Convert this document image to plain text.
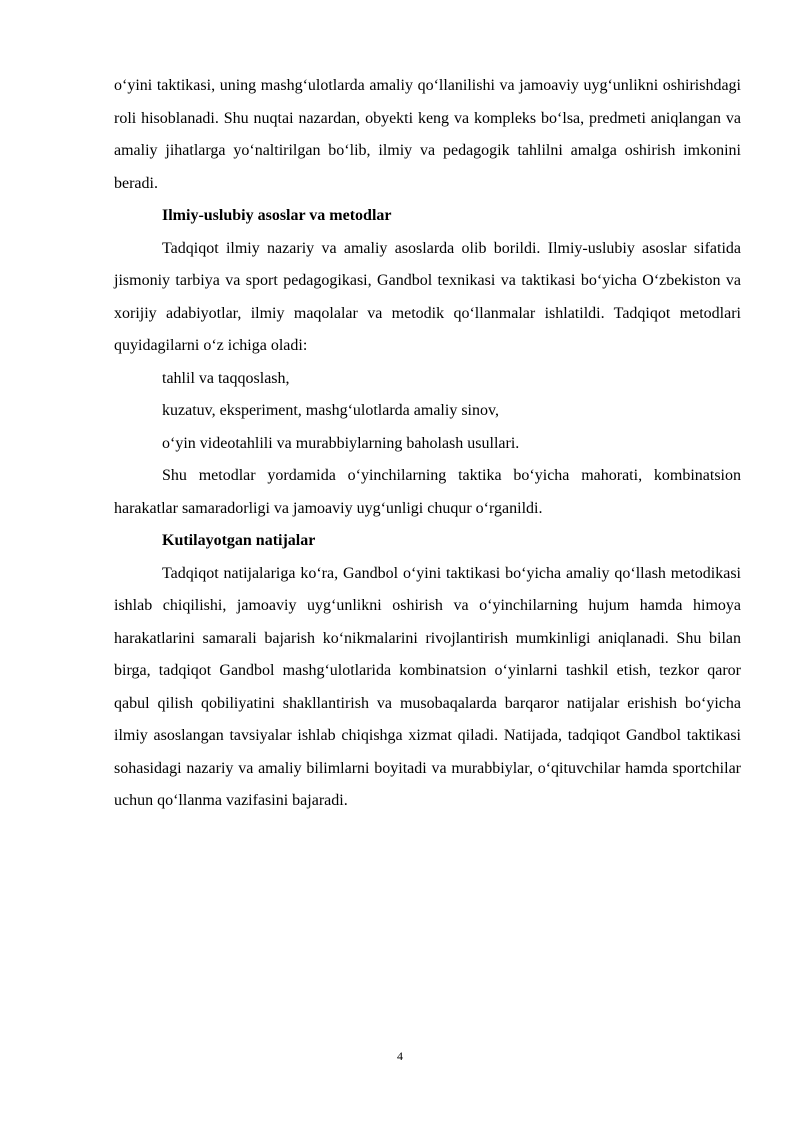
o‘yini taktikasi, uning mashg‘ulotlarda amaliy qo‘llanilishi va jamoaviy uyg‘unlikni oshirishdagi roli hisoblanadi. Shu nuqtai nazardan, obyekti keng va kompleks bo‘lsa, predmeti aniqlangan va amaliy jihatlarga yo‘naltirilgan bo‘lib, ilmiy va pedagogik tahlilni amalga oshirish imkonini beradi.

Ilmiy-uslubiy asoslar va metodlar

Tadqiqot ilmiy nazariy va amaliy asoslarda olib borildi. Ilmiy-uslubiy asoslar sifatida jismoniy tarbiya va sport pedagogikasi, Gandbol texnikasi va taktikasi bo‘yicha O‘zbekiston va xorijiy adabiyotlar, ilmiy maqolalar va metodik qo‘llanmalar ishlatildi. Tadqiqot metodlari quyidagilarni o‘z ichiga oladi:

tahlil va taqqoslash,

kuzatuv, eksperiment, mashg‘ulotlarda amaliy sinov,

o‘yin videotahlili va murabbiylarning baholash usullari.

Shu metodlar yordamida o‘yinchilarning taktika bo‘yicha mahorati, kombinatsion harakatlar samaradorligi va jamoaviy uyg‘unligi chuqur o‘rganildi.

Kutilayotgan natijalar

Tadqiqot natijalariga ko‘ra, Gandbol o‘yini taktikasi bo‘yicha amaliy qo‘llash metodikasi ishlab chiqilishi, jamoaviy uyg‘unlikni oshirish va o‘yinchilarning hujum hamda himoya harakatlarini samarali bajarish ko‘nikmalarini rivojlantirish mumkinligi aniqlanadi. Shu bilan birga, tadqiqot Gandbol mashg‘ulotlarida kombinatsion o‘yinlarni tashkil etish, tezkor qaror qabul qilish qobiliyatini shakllantirish va musobaqalarda barqaror natijalar erishish bo‘yicha ilmiy asoslangan tavsiyalar ishlab chiqishga xizmat qiladi. Natijada, tadqiqot Gandbol taktikasi sohasidagi nazariy va amaliy bilimlarni boyitadi va murabbiylar, o‘qituvchilar hamda sportchilar uchun qo‘llanma vazifasini bajaradi.

4
